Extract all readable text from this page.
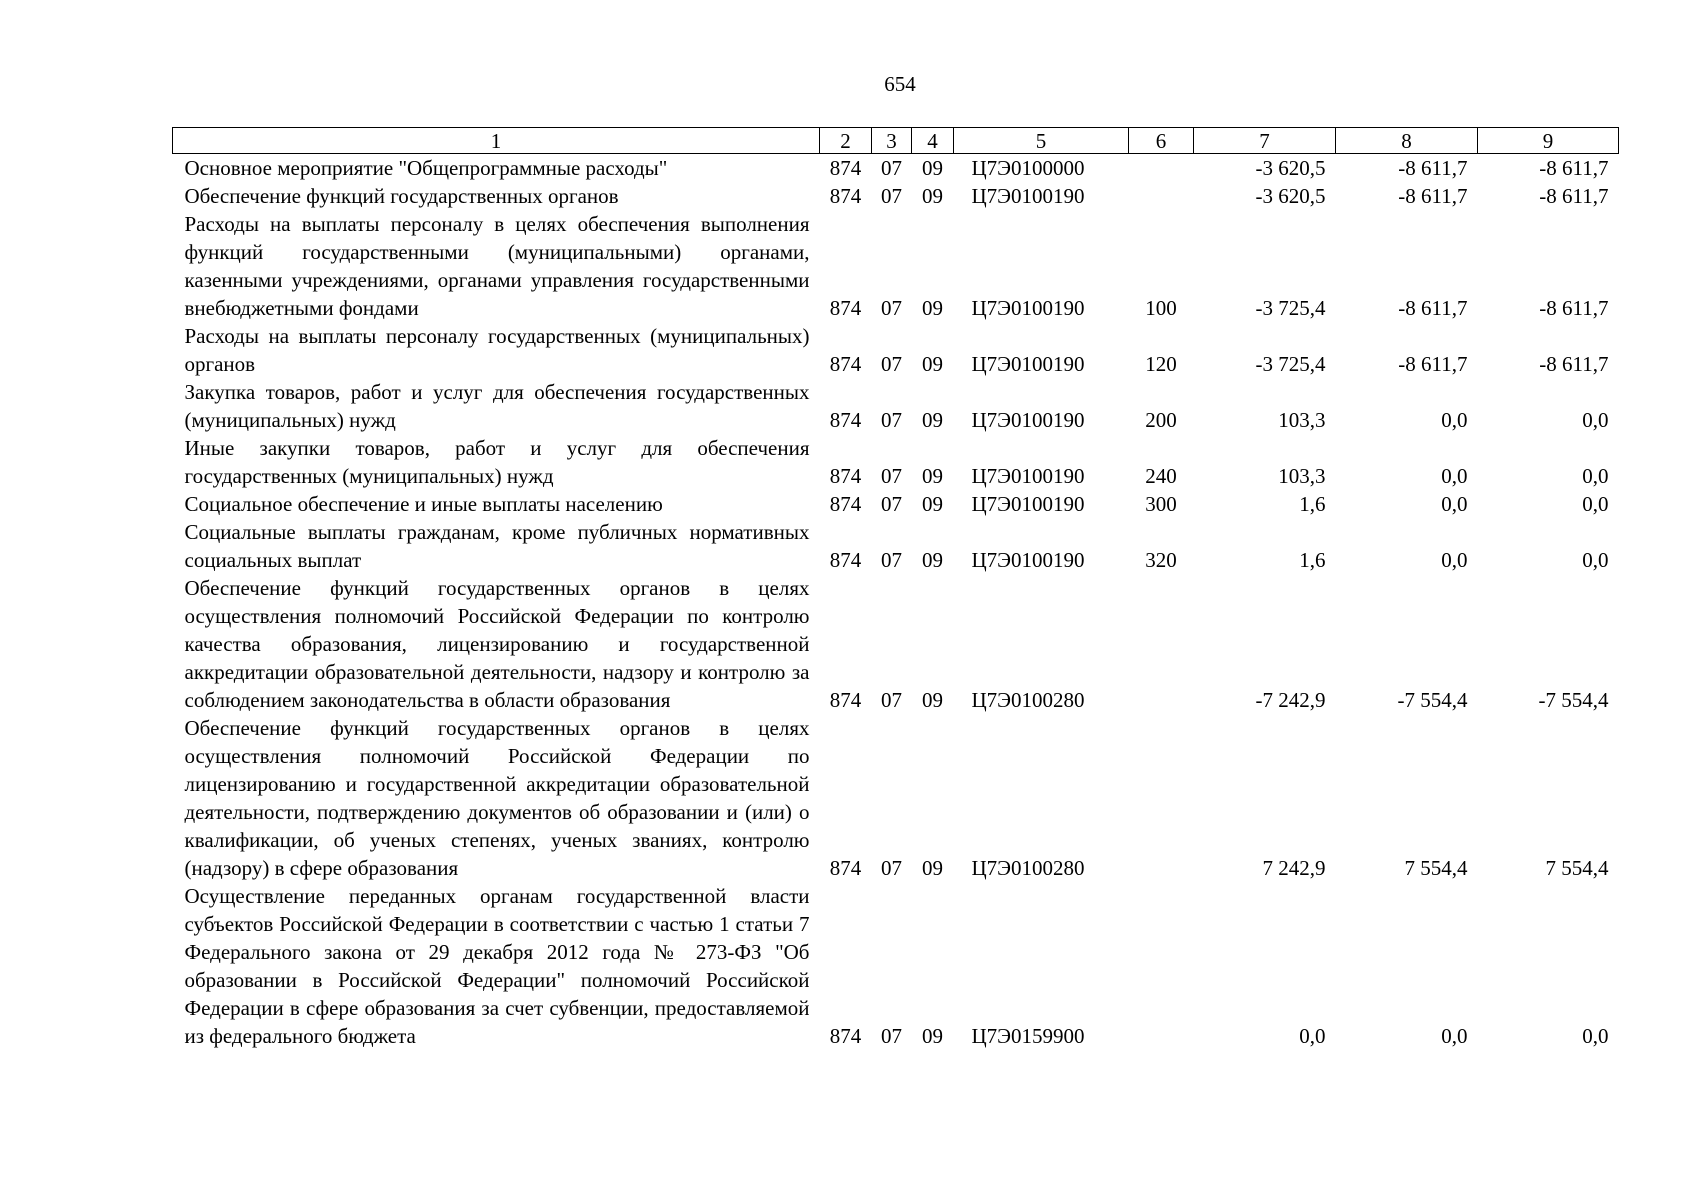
654
1	2	3	4	5	6	7	8	9
Основное мероприятие "Общепрограммные расходы"	874	07	09	Ц7Э0100000		-3 620,5	-8 611,7	-8 611,7
Обеспечение функций государственных органов	874	07	09	Ц7Э0100190		-3 620,5	-8 611,7	-8 611,7
Расходы на выплаты персоналу в целях обеспечения выполнения функций государственными (муниципальными) органами, казенными учреждениями, органами управления государственными внебюджетными фондами	874	07	09	Ц7Э0100190	100	-3 725,4	-8 611,7	-8 611,7
Расходы на выплаты персоналу государственных (муниципальных) органов	874	07	09	Ц7Э0100190	120	-3 725,4	-8 611,7	-8 611,7
Закупка товаров, работ и услуг для обеспечения государственных (муниципальных) нужд	874	07	09	Ц7Э0100190	200	103,3	0,0	0,0
Иные закупки товаров, работ и услуг для обеспечения государственных (муниципальных) нужд	874	07	09	Ц7Э0100190	240	103,3	0,0	0,0
Социальное обеспечение и иные выплаты населению	874	07	09	Ц7Э0100190	300	1,6	0,0	0,0
Социальные выплаты гражданам, кроме публичных нормативных социальных выплат	874	07	09	Ц7Э0100190	320	1,6	0,0	0,0
Обеспечение функций государственных органов в целях осуществления полномочий Российской Федерации по контролю качества образования, лицензированию и государственной аккредитации образовательной деятельности, надзору и контролю за соблюдением законодательства в области образования	874	07	09	Ц7Э0100280		-7 242,9	-7 554,4	-7 554,4
Обеспечение функций государственных органов в целях осуществления полномочий Российской Федерации по лицензированию и государственной аккредитации образовательной деятельности, подтверждению документов об образовании и (или) о квалификации, об ученых степенях, ученых званиях, контролю (надзору) в сфере образования	874	07	09	Ц7Э0100280		7 242,9	7 554,4	7 554,4
Осуществление переданных органам государственной власти субъектов Российской Федерации в соответствии с частью 1 статьи 7 Федерального закона от 29 декабря 2012 года № 273-ФЗ "Об образовании в Российской Федерации" полномочий Российской Федерации в сфере образования за счет субвенции, предоставляемой из федерального бюджета	874	07	09	Ц7Э0159900		0,0	0,0	0,0
